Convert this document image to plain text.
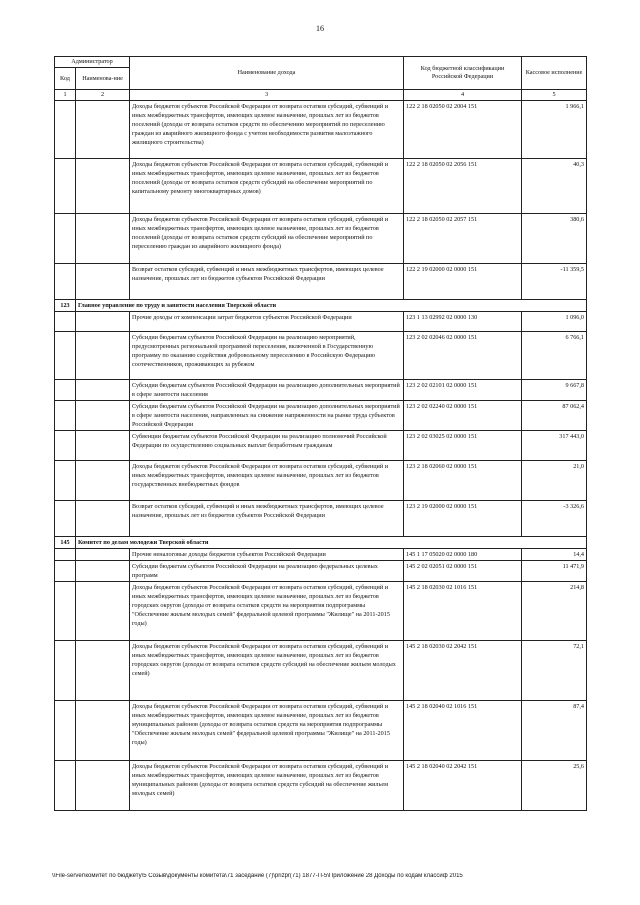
16
Администратор		Наименование дохода	Код бюджетной классификации Российской Федерации	Кассовое исполнение
Код	Наименова-ние			
1	2	3	4	5
		Доходы бюджетов субъектов Российской Федерации от возврата остатков субсидий, субвенций и иных межбюджетных трансфертов, имеющих целевое назначение, прошлых лет из бюджетов поселений (доходы от возврата остатков средств по обеспечению мероприятий по переселению граждан из аварийного жилищного фонда с учетом необходимости развития малоэтажного жилищного строительства)	122 2 18 02050 02 2004 151	1 966,1
		Доходы бюджетов субъектов Российской Федерации от возврата остатков субсидий, субвенций и иных межбюджетных трансфертов, имеющих целевое назначение, прошлых лет из бюджетов поселений (доходы от возврата остатков средств субсидий на обеспечение мероприятий по капитальному ремонту многоквартирных домов)	122 2 18 02050 02 2056 151	40,3
		Доходы бюджетов субъектов Российской Федерации от возврата остатков субсидий, субвенций и иных межбюджетных трансфертов, имеющих целевое назначение, прошлых лет из бюджетов поселений (доходы от возврата остатков средств субсидий на обеспечение мероприятий по переселению граждан из аварийного жилищного фонда)	122 2 18 02050 02 2057 151	380,6
		Возврат остатков субсидий, субвенций и иных межбюджетных трансфертов, имеющих целевое назначение, прошлых лет из бюджетов субъектов Российской Федерации	122 2 19 02000 02 0000 151	-11 359,5
123	Главное управление по труду и занятости населения Тверской области			
		Прочие доходы от компенсации затрат бюджетов субъектов Российской Федерации	123 1 13 02992 02 0000 130	1 096,0
		Субсидии бюджетам субъектов Российской Федерации на реализацию мероприятий, предусмотренных региональной программой переселения, включенной в Государственную программу по оказанию содействия добровольному переселению в Российскую Федерацию соотечественников, проживающих за рубежом	123 2 02 02046 02 0000 151	6 766,1
		Субсидии бюджетам субъектов Российской Федерации на реализацию дополнительных мероприятий в сфере занятости населения	123 2 02 02101 02 0000 151	9 667,8
		Субсидии бюджетам субъектов Российской Федерации на реализацию дополнительных мероприятий в сфере занятости населения, направленных на снижение напряженности на рынке труда субъектов Российской Федерации	123 2 02 02240 02 0000 151	87 062,4
		Субвенции бюджетам субъектов Российской Федерации на реализацию полномочий Российской Федерации по осуществлению социальных выплат безработным гражданам	123 2 02 03025 02 0000 151	317 443,0
		Доходы бюджетов субъектов Российской Федерации от возврата остатков субсидий, субвенций и иных межбюджетных трансфертов, имеющих целевое назначение, прошлых лет из бюджетов государственных внебюджетных фондов	123 2 18 02060 02 0000 151	21,0
		Возврат остатков субсидий, субвенций и иных межбюджетных трансфертов, имеющих целевое назначение, прошлых лет из бюджетов субъектов Российской Федерации	123 2 19 02000 02 0000 151	-3 326,6
145	Комитет по делам молодежи Тверской области			
		Прочие неналоговые доходы бюджетов субъектов Российской Федерации	145 1 17 05020 02 0000 180	14,4
		Субсидии бюджетам субъектов Российской Федерации на реализацию федеральных целевых программ	145 2 02 02051 02 0000 151	11 471,9
		Доходы бюджетов субъектов Российской Федерации от возврата остатков субсидий, субвенций и иных межбюджетных трансфертов, имеющих целевое назначение, прошлых лет из бюджетов городских округов (доходы от возврата остатков средств на мероприятия подпрограммы "Обеспечение жильем молодых семей" федеральной целевой программы "Жилище" на 2011-2015 годы)	145 2 18 02030 02 1016 151	214,8
		Доходы бюджетов субъектов Российской Федерации от возврата остатков субсидий, субвенций и иных межбюджетных трансфертов, имеющих целевое назначение, прошлых лет из бюджетов городских округов (доходы от возврата остатков средств субсидий на обеспечение жильем молодых семей)	145 2 18 02030 02 2042 151	72,1
		Доходы бюджетов субъектов Российской Федерации от возврата остатков субсидий, субвенций и иных межбюджетных трансфертов, имеющих целевое назначение, прошлых лет из бюджетов муниципальных районов (доходы от возврата остатков средств на мероприятия подпрограммы "Обеспечение жильем молодых семей" федеральной целевой программы "Жилище" на 2011-2015 годы)	145 2 18 02040 02 1016 151	87,4
		Доходы бюджетов субъектов Российской Федерации от возврата остатков субсидий, субвенций и иных межбюджетных трансфертов, имеющих целевое назначение, прошлых лет из бюджетов муниципальных районов (доходы от возврата остатков средств субсидий на обеспечение жильем молодых семей)	145 2 18 02040 02 2042 151	25,6
\\File-server\комитет по бюджету\5 Созыв\документы комитета\71 заседание (7)\prizpr(71) 1877-П-5\Приложение 28 Доходы по кодам классиф 2015
